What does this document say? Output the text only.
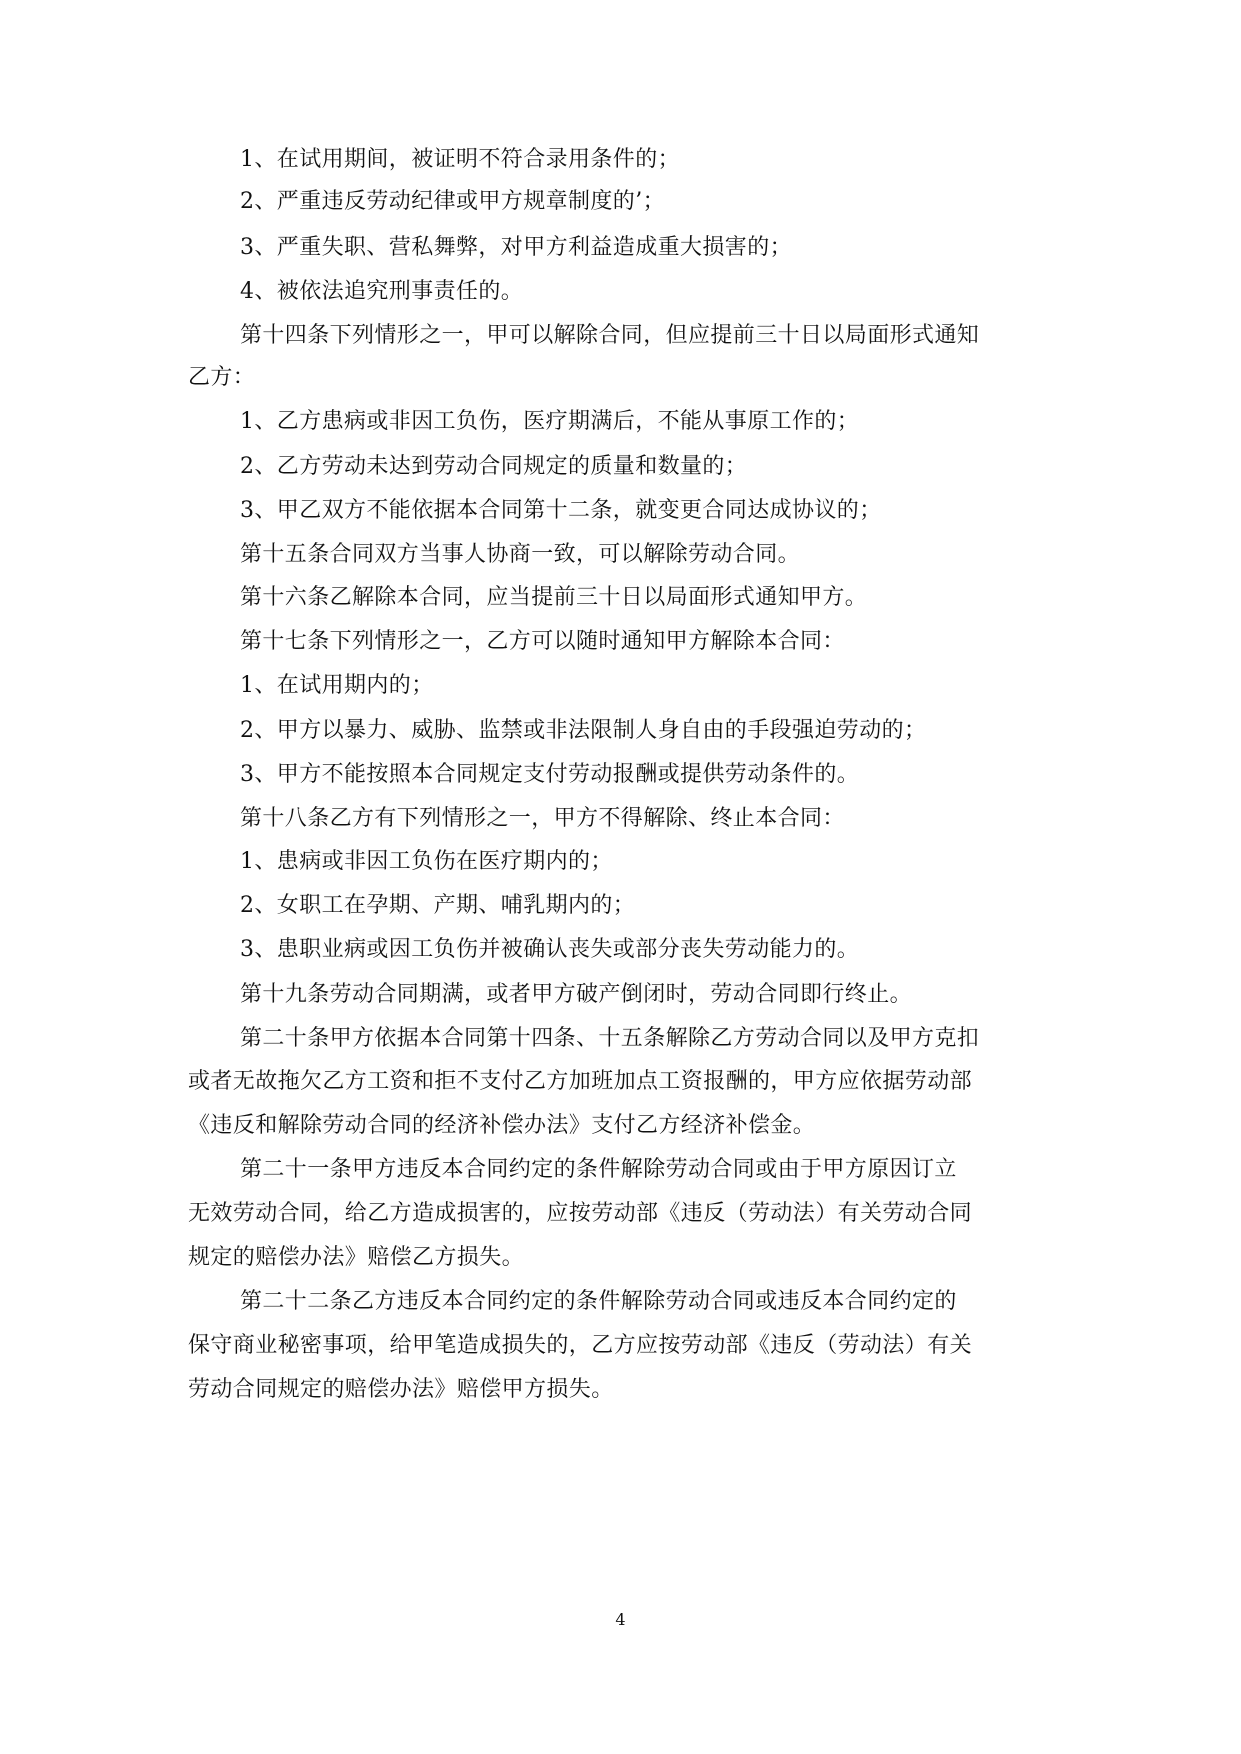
1、在试用期间，被证明不符合录用条件的；
2、严重违反劳动纪律或甲方规章制度的’；
3、严重失职、营私舞弊，对甲方利益造成重大损害的；
4、被依法追究刑事责任的。
第十四条下列情形之一，甲可以解除合同，但应提前三十日以局面形式通知
乙方：
1、乙方患病或非因工负伤，医疗期满后，不能从事原工作的；
2、乙方劳动未达到劳动合同规定的质量和数量的；
3、甲乙双方不能依据本合同第十二条，就变更合同达成协议的；
第十五条合同双方当事人协商一致，可以解除劳动合同。
第十六条乙解除本合同，应当提前三十日以局面形式通知甲方。
第十七条下列情形之一，乙方可以随时通知甲方解除本合同：
1、在试用期内的；
2、甲方以暴力、威胁、监禁或非法限制人身自由的手段强迫劳动的；
3、甲方不能按照本合同规定支付劳动报酬或提供劳动条件的。
第十八条乙方有下列情形之一，甲方不得解除、终止本合同：
1、患病或非因工负伤在医疗期内的；
2、女职工在孕期、产期、哺乳期内的；
3、患职业病或因工负伤并被确认丧失或部分丧失劳动能力的。
第十九条劳动合同期满，或者甲方破产倒闭时，劳动合同即行终止。
第二十条甲方依据本合同第十四条、十五条解除乙方劳动合同以及甲方克扣
或者无故拖欠乙方工资和拒不支付乙方加班加点工资报酬的，甲方应依据劳动部
《违反和解除劳动合同的经济补偿办法》支付乙方经济补偿金。
第二十一条甲方违反本合同约定的条件解除劳动合同或由于甲方原因订立
无效劳动合同，给乙方造成损害的，应按劳动部《违反（劳动法）有关劳动合同
规定的赔偿办法》赔偿乙方损失。
第二十二条乙方违反本合同约定的条件解除劳动合同或违反本合同约定的
保守商业秘密事项，给甲笔造成损失的，乙方应按劳动部《违反（劳动法）有关
劳动合同规定的赔偿办法》赔偿甲方损失。
4
